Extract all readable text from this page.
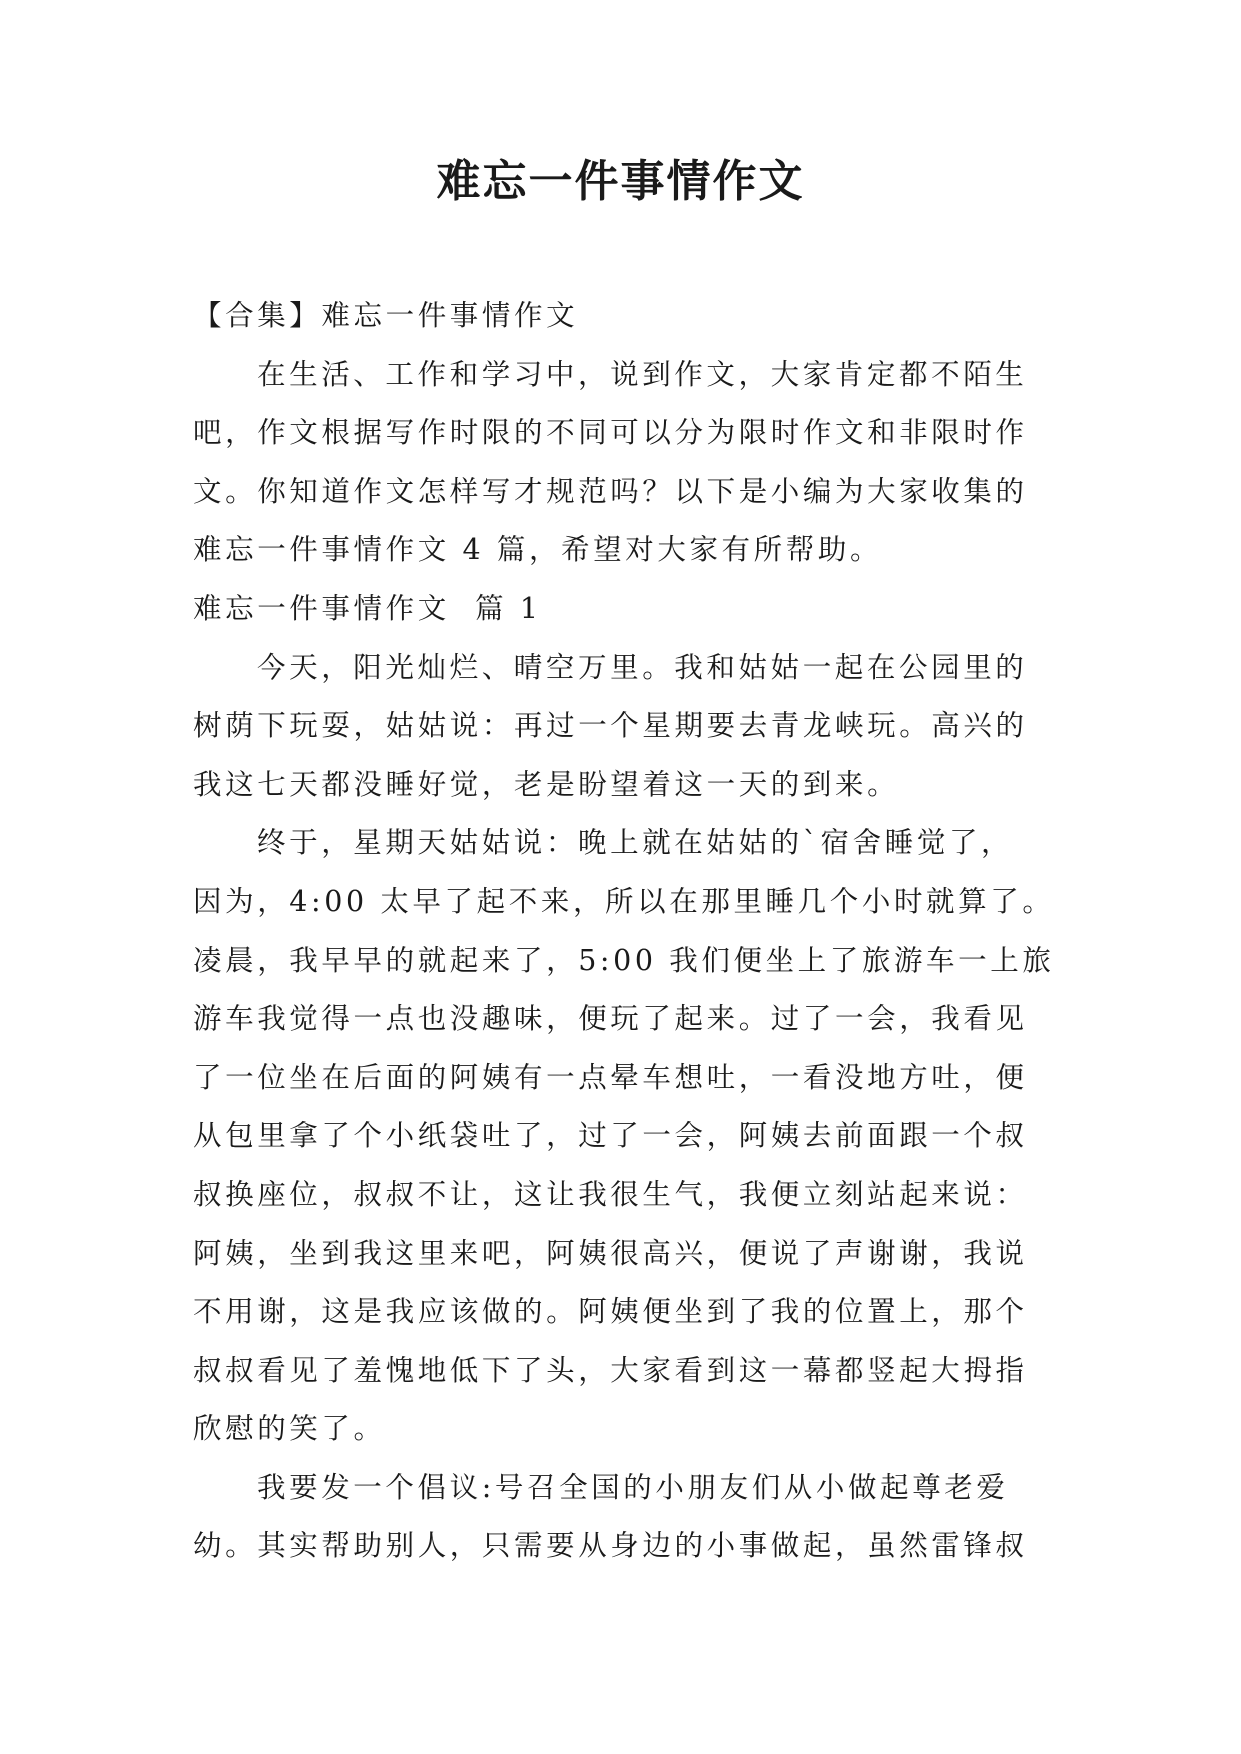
难忘一件事情作文
【合集】难忘一件事情作文
在生活、工作和学习中，说到作文，大家肯定都不陌生
吧，作文根据写作时限的不同可以分为限时作文和非限时作
文。你知道作文怎样写才规范吗？以下是小编为大家收集的
难忘一件事情作文 4 篇，希望对大家有所帮助。
难忘一件事情作文  篇 1
今天，阳光灿烂、晴空万里。我和姑姑一起在公园里的
树荫下玩耍，姑姑说：再过一个星期要去青龙峡玩。高兴的
我这七天都没睡好觉，老是盼望着这一天的到来。
终于，星期天姑姑说：晚上就在姑姑的`宿舍睡觉了，
因为，4:00 太早了起不来，所以在那里睡几个小时就算了。
凌晨，我早早的就起来了，5:00 我们便坐上了旅游车一上旅
游车我觉得一点也没趣味，便玩了起来。过了一会，我看见
了一位坐在后面的阿姨有一点晕车想吐，一看没地方吐，便
从包里拿了个小纸袋吐了，过了一会，阿姨去前面跟一个叔
叔换座位，叔叔不让，这让我很生气，我便立刻站起来说：
阿姨，坐到我这里来吧，阿姨很高兴，便说了声谢谢，我说
不用谢，这是我应该做的。阿姨便坐到了我的位置上，那个
叔叔看见了羞愧地低下了头，大家看到这一幕都竖起大拇指
欣慰的笑了。
我要发一个倡议:号召全国的小朋友们从小做起尊老爱
幼。其实帮助别人，只需要从身边的小事做起，虽然雷锋叔
